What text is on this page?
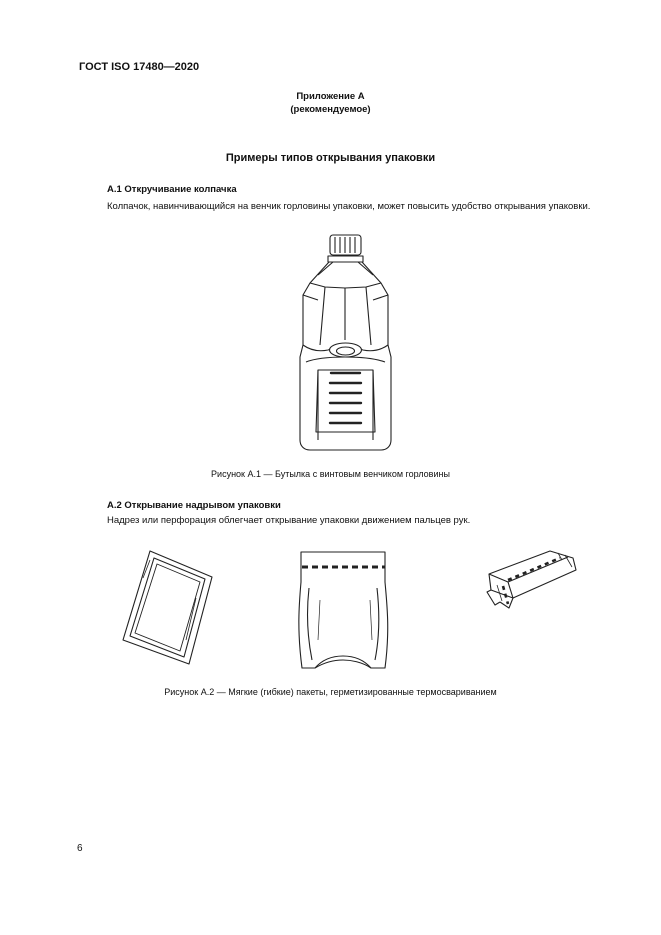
ГОСТ ISO 17480—2020
Приложение А
(рекомендуемое)
Примеры типов открывания упаковки
А.1 Откручивание колпачка
Колпачок, навинчивающийся на венчик горловины упаковки, может повысить удобство открывания упаковки.
Рисунок А.1 — Бутылка с винтовым венчиком горловины
А.2 Открывание надрывом упаковки
Надрез или перфорация облегчает открывание упаковки движением пальцев рук.
Рисунок А.2 — Мягкие (гибкие) пакеты, герметизированные термосвариванием
6
